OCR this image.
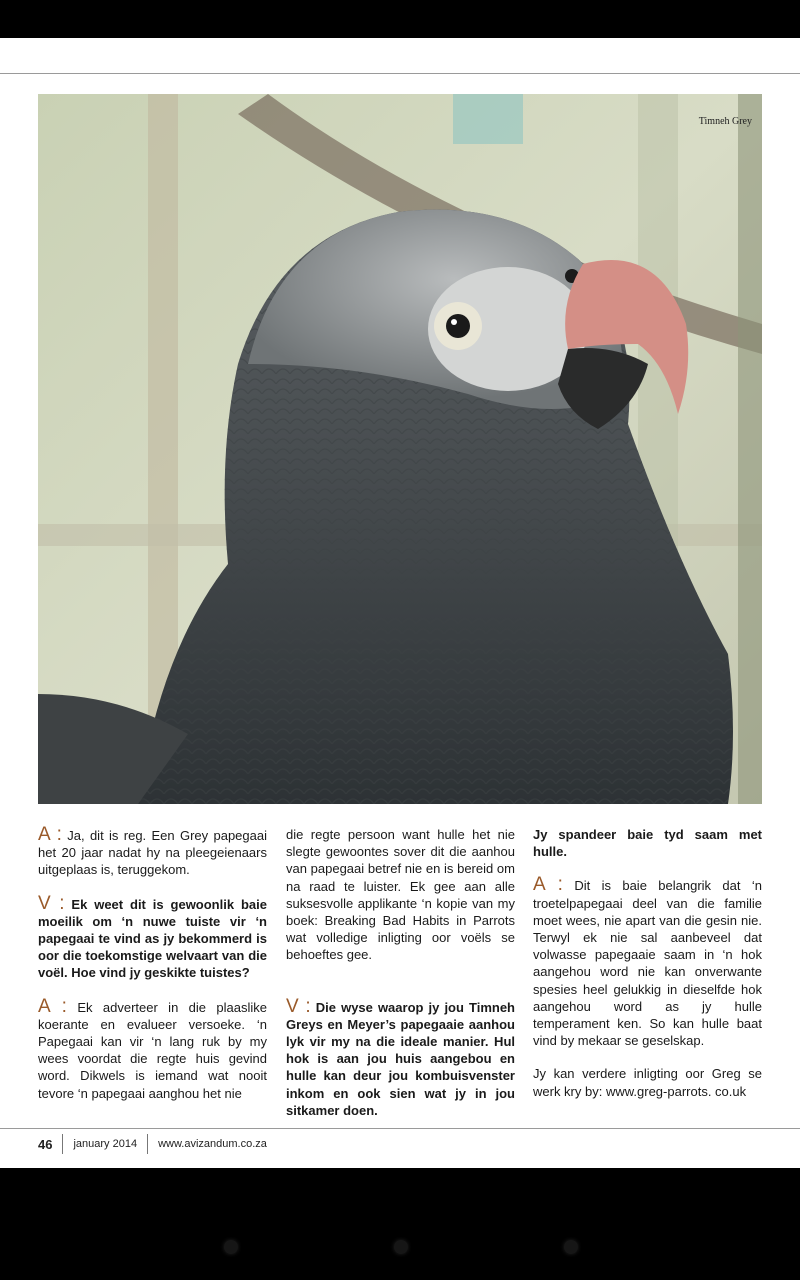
Timneh Grey

A : Ja, dit is reg. Een Grey papegaai het 20 jaar nadat hy na pleegeienaars uitgeplaas is, teruggekom.

V : Ek weet dit is gewoonlik baie moeilik om ‘n nuwe tuiste vir ‘n papegaai te vind as jy bekommerd is oor die toekomstige welvaart van die voël. Hoe vind jy geskikte tuistes?

A : Ek adverteer in die plaaslike koerante en evalueer versoeke. ‘n Papegaai kan vir ‘n lang ruk by my wees voordat die regte huis gevind word. Dikwels is iemand wat nooit tevore ‘n papegaai aanghou het nie

die regte persoon want hulle het nie slegte gewoontes sover dit die aanhou van papegaai betref nie en is bereid om na raad te luister. Ek gee aan alle suksesvolle applikante ‘n kopie van my boek: Breaking Bad Habits in Parrots wat volledige inligting oor voëls se behoeftes gee.

V : Die wyse waarop jy jou Timneh Greys en Meyer’s papegaaie aanhou lyk vir my na die ideale manier. Hul hok is aan jou huis aangebou en hulle kan deur jou kombuisvenster inkom en ook sien wat jy in jou sitkamer doen.

Jy spandeer baie tyd saam met hulle.

A : Dit is baie belangrik dat ‘n troetelpapegaai deel van die familie moet wees, nie apart van die gesin nie. Terwyl ek nie sal aanbeveel dat volwasse papegaaie saam in ‘n hok aangehou word nie kan onverwante spesies heel gelukkig in dieselfde hok aangehou word as jy hulle temperament ken. So kan hulle baat vind by mekaar se geselskap.

Jy kan verdere inligting oor Greg se werk kry by: www.greg-parrots. co.uk

46 january 2014 www.avizandum.co.za
